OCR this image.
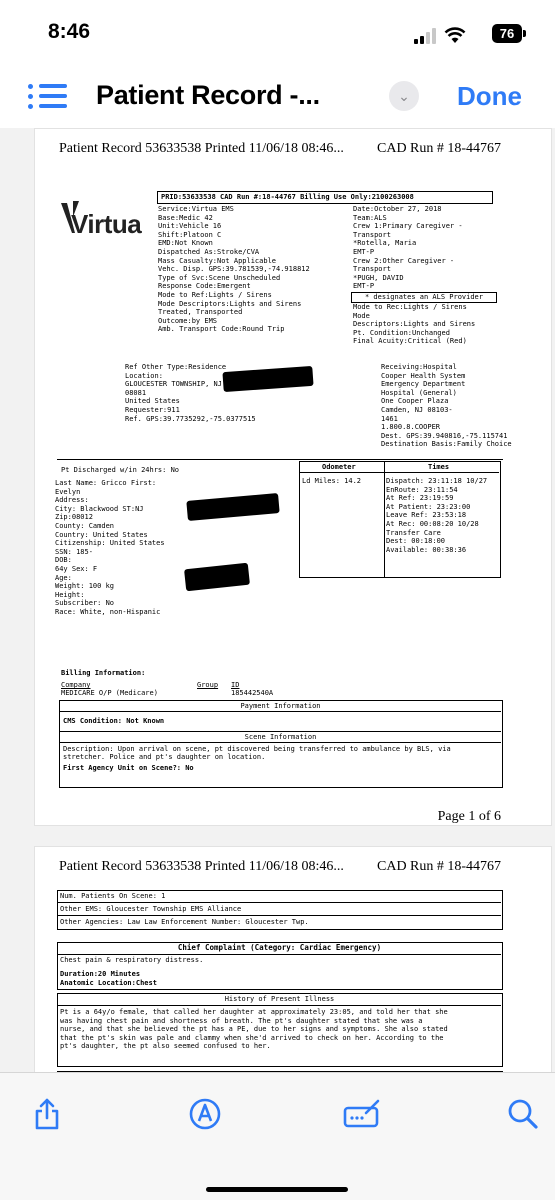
8:46	76
Patient Record -...	⌄	Done
Patient Record 53633538 Printed 11/06/18 08:46... CAD Run # 18-44767
PRID:53633538 CAD Run #:18-44767 Billing Use Only:2100263008
Virtua Service:Virtua EMS
Base:Medic 42
Unit:Vehicle 16
Shift:Platoon C
EMD:Not Known
Dispatched As:Stroke/CVA
Mass Casualty:Not Applicable
Vehc. Disp. GPS:39.781539,-74.918812
Type of Svc:Scene Unscheduled
Response Code:Emergent
Mode to Ref:Lights / Sirens
Mode Descriptors:Lights and Sirens
Treated, Transported
Outcome:by EMS
Amb. Transport Code:Round Trip
Date:October 27, 2018
Team:ALS
Crew 1:Primary Caregiver -
Transport
*Rotella, Maria
EMT-P
Crew 2:Other Caregiver -
Transport
*PUGH, DAVID
EMT-P
* designates an ALS Provider
Mode to Rec:Lights / Sirens
Mode
Descriptors:Lights and Sirens
Pt. Condition:Unchanged
Final Acuity:Critical (Red)
Ref Other Type:Residence
Location:
GLOUCESTER TOWNSHIP, NJ
08081
United States
Requester:911
Ref. GPS:39.7735292,-75.0377515
Receiving:Hospital
Cooper Health System
Emergency Department
Hospital (General)
One Cooper Plaza
Camden, NJ 08103-
1461
1.800.8.COOPER
Dest. GPS:39.940816,-75.115741
Destination Basis:Family Choice
Pt Discharged w/in 24hrs: No
Last Name: Gricco First:
Evelyn
Address:
City: Blackwood ST:NJ
Zip:08012
County: Camden
Country: United States
Citizenship: United States
SSN: 185-
DOB:
64y Sex: F
Age:
Weight: 100 kg
Height:
Subscriber: No
Race: White, non-Hispanic
Odometer	Times
Ld Miles: 14.2	Dispatch: 23:11:18 10/27
EnRoute: 23:11:54
At Ref: 23:19:59
At Patient: 23:23:00
Leave Ref: 23:53:18
At Rec: 00:08:20 10/28
Transfer Care
Dest: 00:18:00
Available: 00:38:36
Billing Information:
Company	Group ID
MEDICARE O/P (Medicare)	185442540A
Payment Information
CMS Condition: Not Known
Scene Information
Description: Upon arrival on scene, pt discovered being transferred to ambulance by BLS, via
stretcher. Police and pt's daughter on location.
First Agency Unit on Scene?: No
Page 1 of 6
Patient Record 53633538 Printed 11/06/18 08:46... CAD Run # 18-44767
Num. Patients On Scene: 1
Other EMS: Gloucester Township EMS Alliance
Other Agencies: Law Law Enforcement Number: Gloucester Twp.
Chief Complaint (Category: Cardiac Emergency)
Chest pain & respiratory distress.
Duration:20 Minutes
Anatomic Location:Chest
History of Present Illness
Pt is a 64y/o female, that called her daughter at approximately 23:05, and told her that she
was having chest pain and shortness of breath. The pt's daughter stated that she was a
nurse, and that she believed the pt has a PE, due to her signs and symptoms. She also stated
that the pt's skin was pale and clammy when she'd arrived to check on her. According to the
pt's daughter, the pt also seemed confused to her.
